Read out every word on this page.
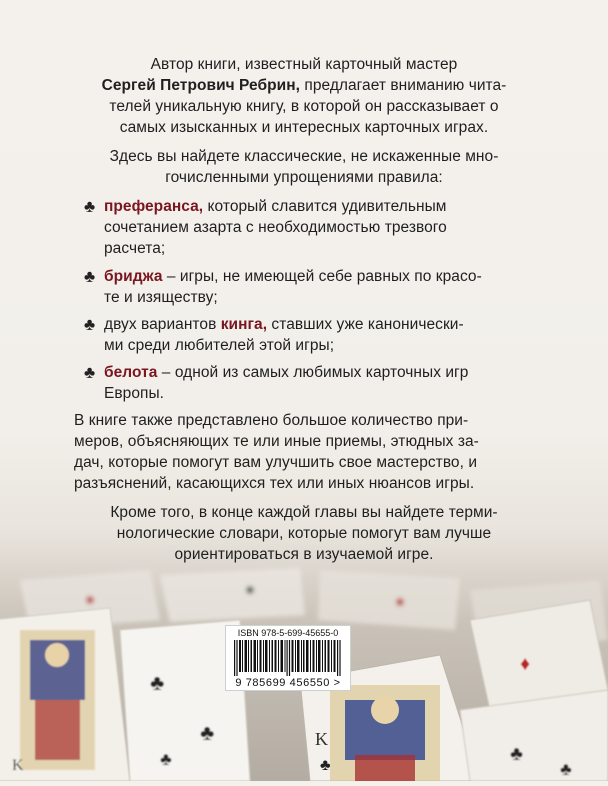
Автор книги, известный карточный мастер
Сергей Петрович Ребрин, предлагает вниманию чита-
телей уникальную книгу, в которой он рассказывает о
самых изысканных и интересных карточных играх.
Здесь вы найдете классические, не искаженные мно-
гочисленными упрощениями правила:
♣ преферанса, который славится удивительным
сочетанием азарта с необходимостью трезвого
расчета;
♣ бриджа – игры, не имеющей себе равных по красо-
те и изяществу;
♣ двух вариантов кинга, ставших уже канонически-
ми среди любителей этой игры;
♣ белота – одной из самых любимых карточных игр
Европы.
В книге также представлено большое количество при-
меров, объясняющих те или иные приемы, этюдных за-
дач, которые помогут вам улучшить свое мастерство, и
разъяснений, касающихся тех или иных нюансов игры.
Кроме того, в конце каждой главы вы найдете терми-
нологические словари, которые помогут вам лучше
ориентироваться в изучаемой игре.
K
♣
♣
♣
K
♣
♦
♣
♣
ISBN 978-5-699-45655-0
9 785699 456550 >
